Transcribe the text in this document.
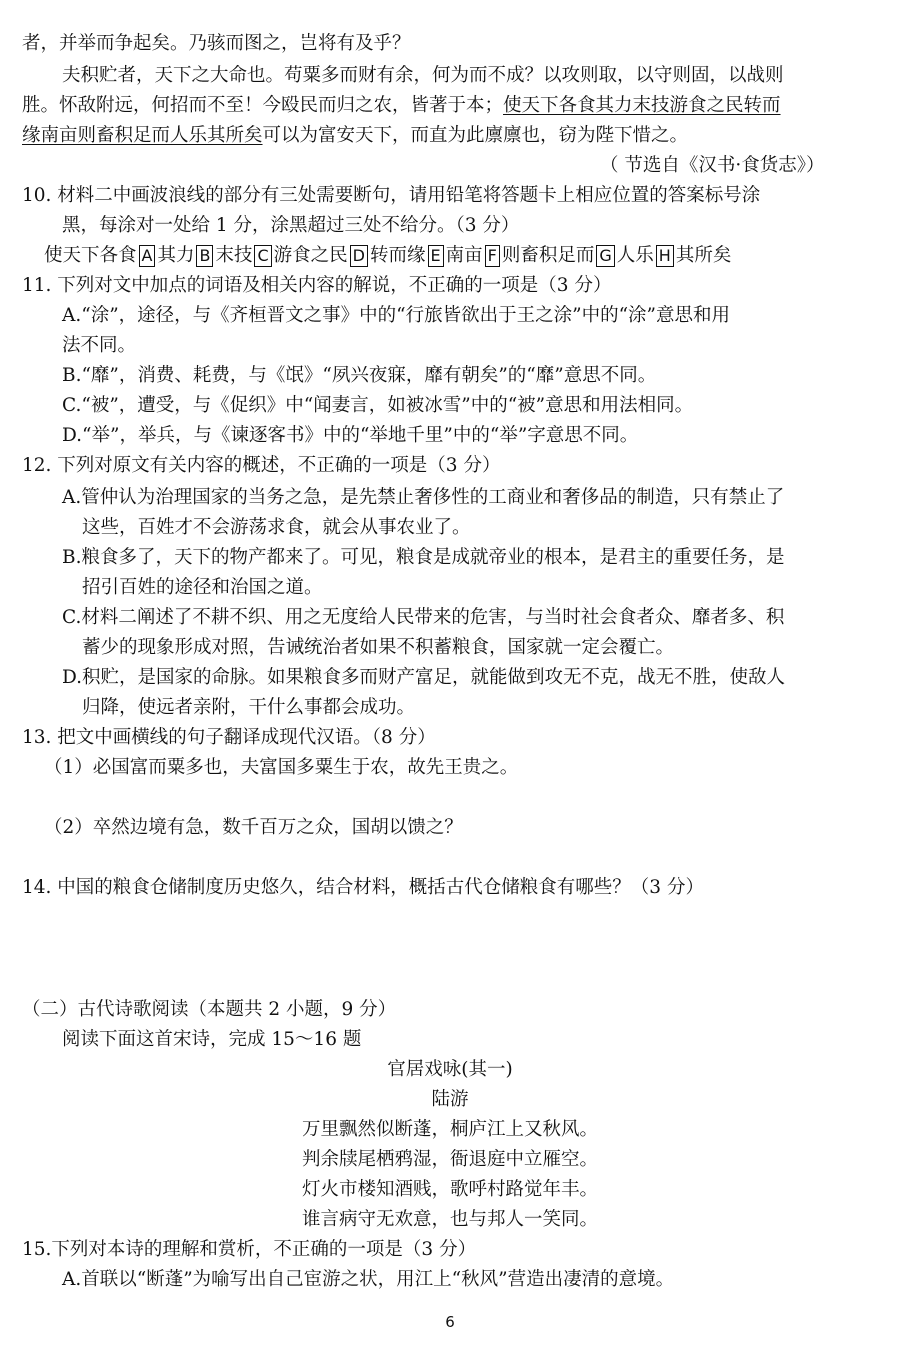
者，并举而争起矣。乃骇而图之，岂将有及乎？
夫积贮者，天下之大命也。苟粟多而财有余，何为而不成？以攻则取，以守则固，以战则
胜。怀敌附远，何招而不至！今殴民而归之农，皆著于本；使天下各食其力末技游食之民转而
缘南亩则畜积足而人乐其所矣可以为富安天下，而直为此廪廪也，窃为陛下惜之。
（ 节选自《汉书·食货志》）
10. 材料二中画波浪线的部分有三处需要断句，请用铅笔将答题卡上相应位置的答案标号涂
黑，每涂对一处给 1 分，涂黑超过三处不给分。（3 分）
使天下各食 A 其力 B 末技 C 游食之民 D 转而缘 E 南亩 F 则畜积足而 G 人乐 H 其所矣
11. 下列对文中加点的词语及相关内容的解说，不正确的一项是（3 分）
A.“涂”，途径，与《齐桓晋文之事》中的“行旅皆欲出于王之涂”中的“涂”意思和用
法不同。
B.“靡”，消费、耗费，与《氓》“夙兴夜寐，靡有朝矣”的“靡”意思不同。
C.“被”，遭受，与《促织》中“闻妻言，如被冰雪”中的“被”意思和用法相同。
D.“举”，举兵，与《谏逐客书》中的“举地千里”中的“举”字意思不同。
12. 下列对原文有关内容的概述，不正确的一项是（3 分）
A.管仲认为治理国家的当务之急，是先禁止奢侈性的工商业和奢侈品的制造，只有禁止了
这些，百姓才不会游荡求食，就会从事农业了。
B.粮食多了，天下的物产都来了。可见，粮食是成就帝业的根本，是君主的重要任务，是
招引百姓的途径和治国之道。
C.材料二阐述了不耕不织、用之无度给人民带来的危害，与当时社会食者众、靡者多、积
蓄少的现象形成对照，告诫统治者如果不积蓄粮食，国家就一定会覆亡。
D.积贮，是国家的命脉。如果粮食多而财产富足，就能做到攻无不克，战无不胜，使敌人
归降，使远者亲附，干什么事都会成功。
13. 把文中画横线的句子翻译成现代汉语。（8 分）
（1）必国富而粟多也，夫富国多粟生于农，故先王贵之。
（2）卒然边境有急，数千百万之众，国胡以馈之？
14. 中国的粮食仓储制度历史悠久，结合材料，概括古代仓储粮食有哪些？（3 分）
（二）古代诗歌阅读（本题共 2 小题，9 分）
阅读下面这首宋诗，完成 15～16 题
官居戏咏(其一)
陆游
万里飘然似断蓬，桐庐江上又秋风。
判余牍尾栖鸦湿，衙退庭中立雁空。
灯火市楼知酒贱，歌呼村路觉年丰。
谁言病守无欢意，也与邦人一笑同。
15.下列对本诗的理解和赏析，不正确的一项是（3 分）
A.首联以“断蓬”为喻写出自己宦游之状，用江上“秋风”营造出凄清的意境。
6
